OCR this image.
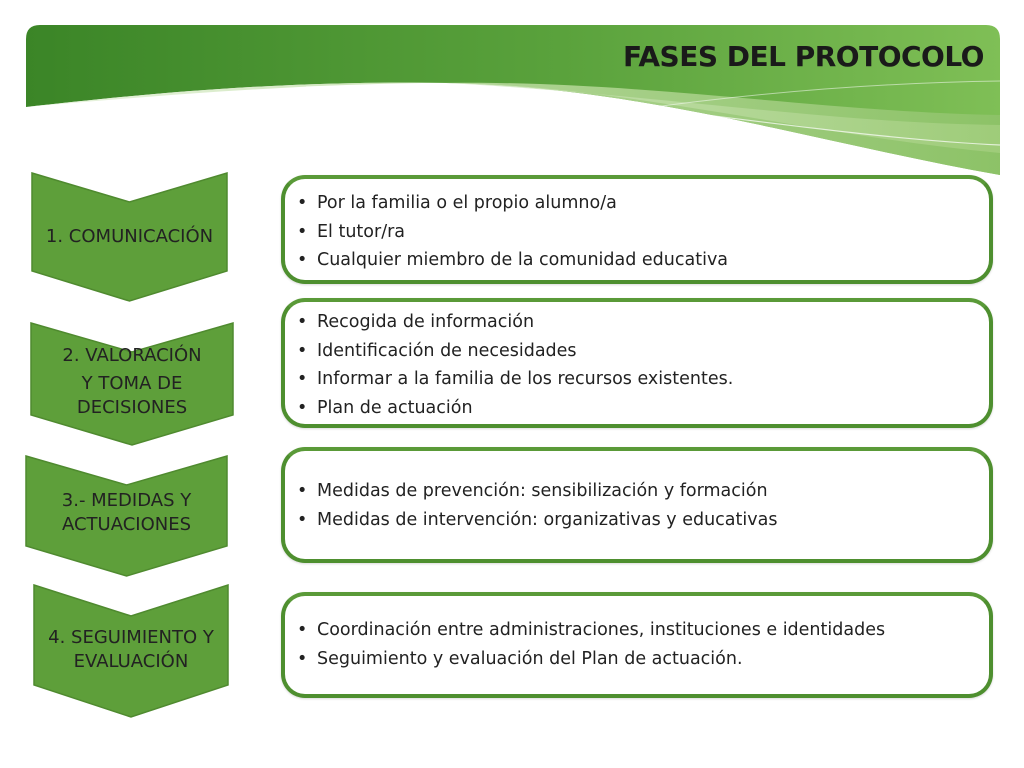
FASES DEL PROTOCOLO
1. COMUNICACIÓN
• Por la familia o el propio alumno/a
• El tutor/ra
• Cualquier miembro de la comunidad educativa
2. VALORACIÓN
Y TOMA DE
DECISIONES
• Recogida de información
• Identificación de necesidades
• Informar a la familia de los recursos existentes.
• Plan de actuación
3.- MEDIDAS Y
ACTUACIONES
• Medidas de prevención: sensibilización y formación
• Medidas de intervención: organizativas y educativas
4. SEGUIMIENTO Y
EVALUACIÓN
• Coordinación entre administraciones, instituciones e identidades
• Seguimiento y evaluación del Plan de actuación.
